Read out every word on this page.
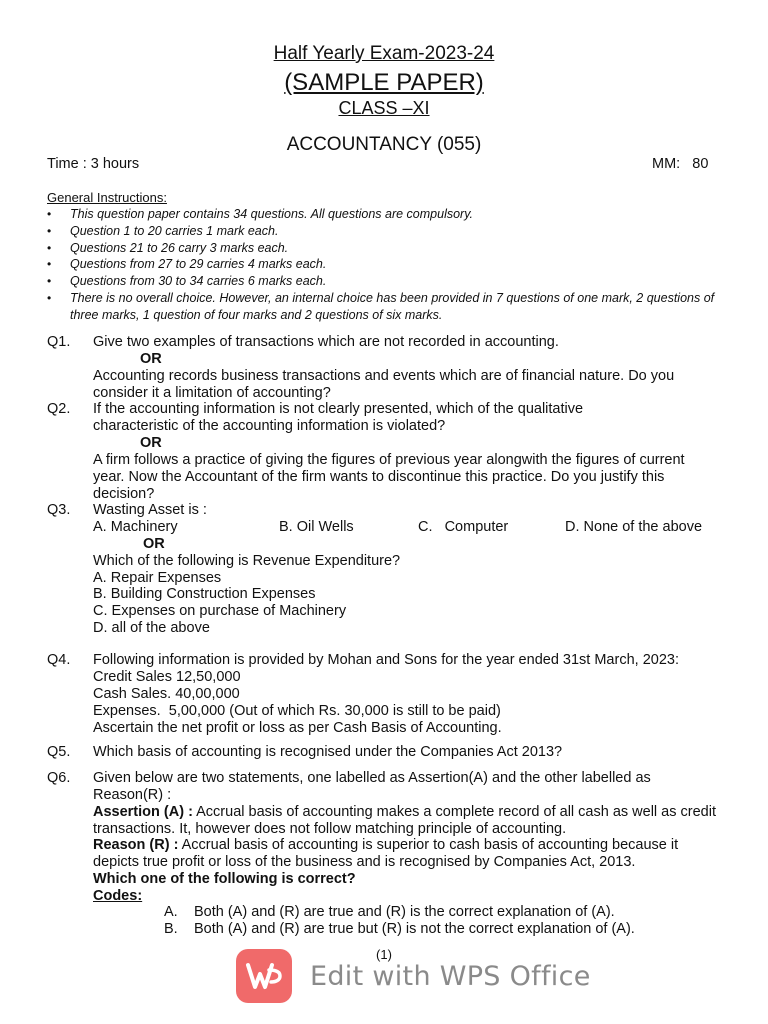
Half Yearly Exam-2023-24
(SAMPLE PAPER)
CLASS –XI
ACCOUNTANCY (055)
Time : 3 hours	MM:   80
General Instructions:
• This question paper contains 34 questions. All questions are compulsory.
• Question 1 to 20 carries 1 mark each.
• Questions 21 to 26 carry 3 marks each.
• Questions from 27 to 29 carries 4 marks each.
• Questions from 30 to 34 carries 6 marks each.
• There is no overall choice. However, an internal choice has been provided in 7 questions of one mark, 2 questions of three marks, 1 question of four marks and 2 questions of six marks.
Q1. Give two examples of transactions which are not recorded in accounting.
OR
Accounting records business transactions and events which are of financial nature. Do you consider it a limitation of accounting?
Q2. If the accounting information is not clearly presented, which of the qualitative characteristic of the accounting information is violated?
OR
A firm follows a practice of giving the figures of previous year alongwith the figures of current year. Now the Accountant of the firm wants to discontinue this practice. Do you justify this decision?
Q3. Wasting Asset is :
A. Machinery	B. Oil Wells	C.   Computer	D. None of the above
OR
Which of the following is Revenue Expenditure?
A. Repair Expenses
B. Building Construction Expenses
C. Expenses on purchase of Machinery
D. all of the above
Q4. Following information is provided by Mohan and Sons for the year ended 31st March, 2023:
Credit Sales 12,50,000
Cash Sales. 40,00,000
Expenses.  5,00,000 (Out of which Rs. 30,000 is still to be paid)
Ascertain the net profit or loss as per Cash Basis of Accounting.
Q5. Which basis of accounting is recognised under the Companies Act 2013?
Q6. Given below are two statements, one labelled as Assertion(A) and the other labelled as Reason(R) :
Assertion (A) : Accrual basis of accounting makes a complete record of all cash as well as credit transactions. It, however does not follow matching principle of accounting.
Reason (R) : Accrual basis of accounting is superior to cash basis of accounting because it depicts true profit or loss of the business and is recognised by Companies Act, 2013.
Which one of the following is correct?
Codes:
A. Both (A) and (R) are true and (R) is the correct explanation of (A).
B. Both (A) and (R) are true but (R) is not the correct explanation of (A).
(1)
Edit with WPS Office
